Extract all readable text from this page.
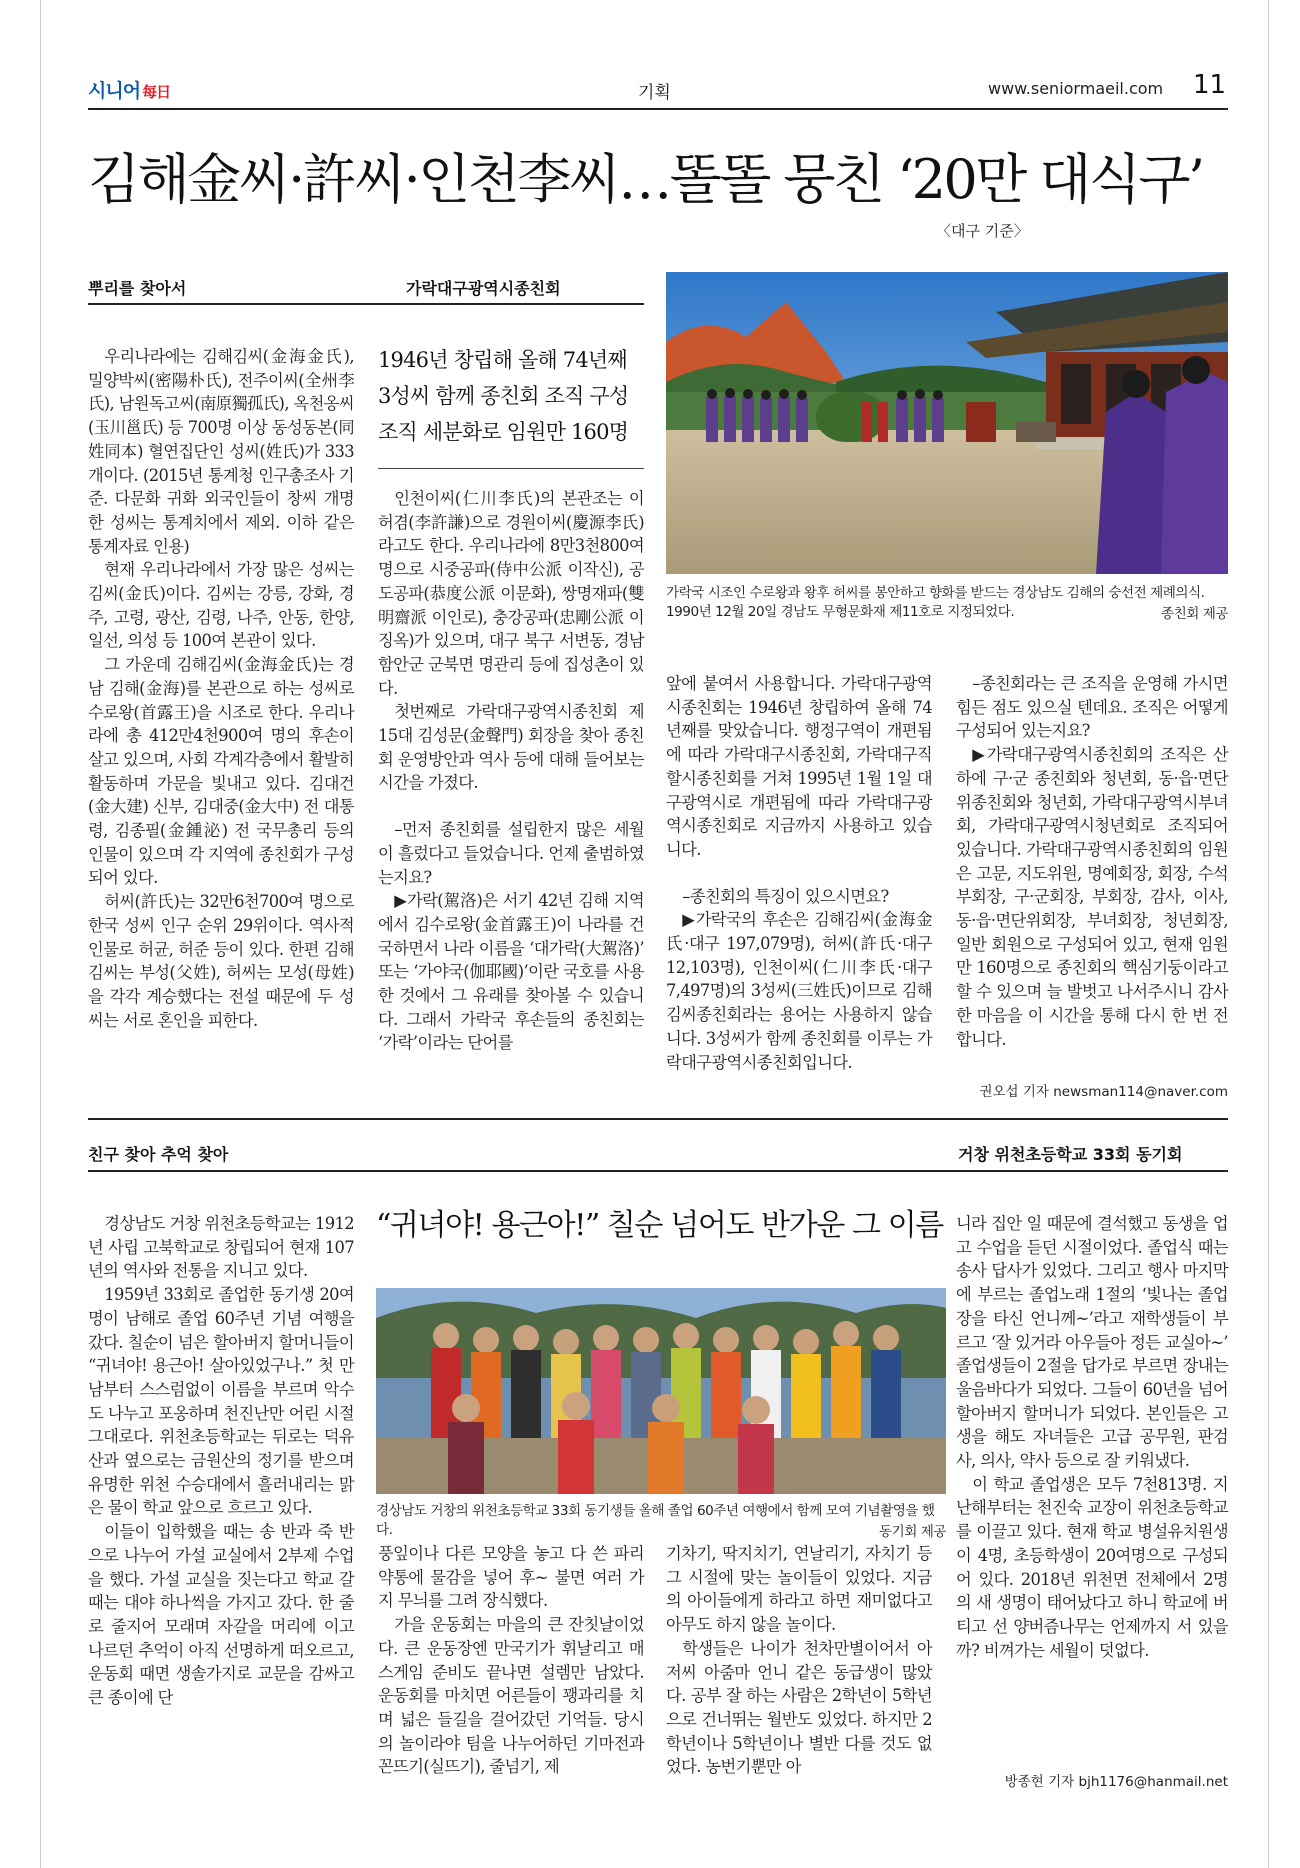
시니어 每日	기획	www.seniormaeil.com 11
김해金씨·許씨·인천李씨…똘똘 뭉친 ‘20만 대식구’
〈대구 기준〉
뿌리를 찾아서	가락대구광역시종친회
가락국 시조인 수로왕과 왕후 허씨를 봉안하고 향화를 받드는 경상남도 김해의 숭선전 제례의식. 1990년 12월 20일 경남도 무형문화재 제11호로 지정되었다.	종친회 제공

우리나라에는 김해김씨(金海金氏), 밀양박씨(密陽朴氏), 전주이씨(全州李氏), 남원독고씨(南原獨孤氏), 옥천옹씨(玉川邕氏) 등 700명 이상 동성동본(同姓同本) 혈연집단인 성씨(姓氏)가 333개이다. (2015년 통계청 인구총조사 기준. 다문화 귀화 외국인들이 창씨 개명한 성씨는 통계치에서 제외. 이하 같은 통계자료 인용)

현재 우리나라에서 가장 많은 성씨는 김씨(金氏)이다. 김씨는 강릉, 강화, 경주, 고령, 광산, 김령, 나주, 안동, 한양, 일선, 의성 등 100여 본관이 있다.

그 가운데 김해김씨(金海金氏)는 경남 김해(金海)를 본관으로 하는 성씨로 수로왕(首露王)을 시조로 한다. 우리나라에 총 412만4천900여 명의 후손이 살고 있으며, 사회 각계각층에서 활발히 활동하며 가문을 빛내고 있다. 김대건(金大建) 신부, 김대중(金大中) 전 대통령, 김종필(金鍾泌) 전 국무총리 등의 인물이 있으며 각 지역에 종친회가 구성되어 있다.

허씨(許氏)는 32만6천700여 명으로 한국 성씨 인구 순위 29위이다. 역사적 인물로 허균, 허준 등이 있다. 한편 김해김씨는 부성(父姓), 허씨는 모성(母姓)을 각각 계승했다는 전설 때문에 두 성씨는 서로 혼인을 피한다.

1946년 창립해 올해 74년째
3성씨 함께 종친회 조직 구성
조직 세분화로 임원만 160명

인천이씨(仁川李氏)의 본관조는 이허겸(李許謙)으로 경원이씨(慶源李氏)라고도 한다. 우리나라에 8만3천800여 명으로 시중공파(侍中公派 이작신), 공도공파(恭度公派 이문화), 쌍명재파(雙明齋派 이인로), 충강공파(忠剛公派 이징옥)가 있으며, 대구 북구 서변동, 경남 함안군 군북면 명관리 등에 집성촌이 있다.

첫번째로 가락대구광역시종친회 제15대 김성문(金聲門) 회장을 찾아 종친회 운영방안과 역사 등에 대해 들어보는 시간을 가졌다.

–먼저 종친회를 설립한지 많은 세월이 흘렀다고 들었습니다. 언제 출범하였는지요?

▶가락(駕洛)은 서기 42년 김해 지역에서 김수로왕(金首露王)이 나라를 건국하면서 나라 이름을 ‘대가락(大駕洛)’ 또는 ‘가야국(伽耶國)’이란 국호를 사용한 것에서 그 유래를 찾아볼 수 있습니다. 그래서 가락국 후손들의 종친회는 ‘가락’이라는 단어를

앞에 붙여서 사용합니다. 가락대구광역시종친회는 1946년 창립하여 올해 74년째를 맞았습니다. 행정구역이 개편됨에 따라 가락대구시종친회, 가락대구직할시종친회를 거쳐 1995년 1월 1일 대구광역시로 개편됨에 따라 가락대구광역시종친회로 지금까지 사용하고 있습니다.

–종친회의 특징이 있으시면요?

▶가락국의 후손은 김해김씨(金海金氏·대구 197,079명), 허씨(許氏·대구 12,103명), 인천이씨(仁川李氏·대구 7,497명)의 3성씨(三姓氏)이므로 김해김씨종친회라는 용어는 사용하지 않습니다. 3성씨가 함께 종친회를 이루는 가락대구광역시종친회입니다.

–종친회라는 큰 조직을 운영해 가시면 힘든 점도 있으실 텐데요. 조직은 어떻게 구성되어 있는지요?

▶가락대구광역시종친회의 조직은 산하에 구·군 종친회와 청년회, 동·읍·면단위종친회와 청년회, 가락대구광역시부녀회, 가락대구광역시청년회로 조직되어 있습니다. 가락대구광역시종친회의 임원은 고문, 지도위원, 명예회장, 회장, 수석부회장, 구·군회장, 부회장, 감사, 이사, 동·읍·면단위회장, 부녀회장, 청년회장, 일반 회원으로 구성되어 있고, 현재 임원만 160명으로 종친회의 핵심기둥이라고 할 수 있으며 늘 발벗고 나서주시니 감사한 마음을 이 시간을 통해 다시 한 번 전합니다.

권오섭 기자 newsman114@naver.com
친구 찾아 추억 찾아	거창 위천초등학교 33회 동기회
“귀녀야! 용근아!” 칠순 넘어도 반가운 그 이름
경상남도 거창의 위천초등학교 33회 동기생들 올해 졸업 60주년 여행에서 함께 모여 기념촬영을 했다.	동기회 제공

경상남도 거창 위천초등학교는 1912년 사립 고북학교로 창립되어 현재 107년의 역사와 전통을 지니고 있다.

1959년 33회로 졸업한 동기생 20여 명이 남해로 졸업 60주년 기념 여행을 갔다. 칠순이 넘은 할아버지 할머니들이 “귀녀야! 용근아! 살아있었구나.” 첫 만남부터 스스럼없이 이름을 부르며 악수도 나누고 포옹하며 천진난만 어린 시절 그대로다. 위천초등학교는 뒤로는 덕유산과 옆으로는 금원산의 정기를 받으며 유명한 위천 수승대에서 흘러내리는 맑은 물이 학교 앞으로 흐르고 있다.

이들이 입학했을 때는 송 반과 죽 반으로 나누어 가설 교실에서 2부제 수업을 했다. 가설 교실을 짓는다고 학교 갈 때는 대야 하나씩을 가지고 갔다. 한 줄로 줄지어 모래며 자갈을 머리에 이고 나르던 추억이 아직 선명하게 떠오르고, 운동회 때면 생솔가지로 교문을 감싸고 큰 종이에 단

풍잎이나 다른 모양을 놓고 다 쓴 파리 약통에 물감을 넣어 후~ 불면 여러 가지 무늬를 그려 장식했다.

가을 운동회는 마을의 큰 잔칫날이었다. 큰 운동장엔 만국기가 휘날리고 매스게임 준비도 끝나면 설렘만 남았다. 운동회를 마치면 어른들이 꽹과리를 치며 넓은 들길을 걸어갔던 기억들. 당시의 놀이라야 팀을 나누어하던 기마전과 꼰뜨기(실뜨기), 줄넘기, 제

기차기, 딱지치기, 연날리기, 자치기 등 그 시절에 맞는 놀이들이 있었다. 지금의 아이들에게 하라고 하면 재미없다고 아무도 하지 않을 놀이다.

학생들은 나이가 천차만별이어서 아저씨 아줌마 언니 같은 동급생이 많았다. 공부 잘 하는 사람은 2학년이 5학년으로 건너뛰는 월반도 있었다. 하지만 2학년이나 5학년이나 별반 다를 것도 없었다. 농번기뿐만 아

니라 집안 일 때문에 결석했고 동생을 업고 수업을 듣던 시절이었다. 졸업식 때는 송사 답사가 있었다. 그리고 행사 마지막에 부르는 졸업노래 1절의 ‘빛나는 졸업장을 타신 언니께~’라고 재학생들이 부르고 ‘잘 있거라 아우들아 정든 교실아~’ 졸업생들이 2절을 답가로 부르면 장내는 울음바다가 되었다. 그들이 60년을 넘어 할아버지 할머니가 되었다. 본인들은 고생을 해도 자녀들은 고급 공무원, 판검사, 의사, 약사 등으로 잘 키워냈다.

이 학교 졸업생은 모두 7천813명. 지난해부터는 천진숙 교장이 위천초등학교를 이끌고 있다. 현재 학교 병설유치원생이 4명, 초등학생이 20여명으로 구성되어 있다. 2018년 위천면 전체에서 2명의 새 생명이 태어났다고 하니 학교에 버티고 선 양버즘나무는 언제까지 서 있을까? 비껴가는 세월이 덧없다.

방종현 기자 bjh1176@hanmail.net
